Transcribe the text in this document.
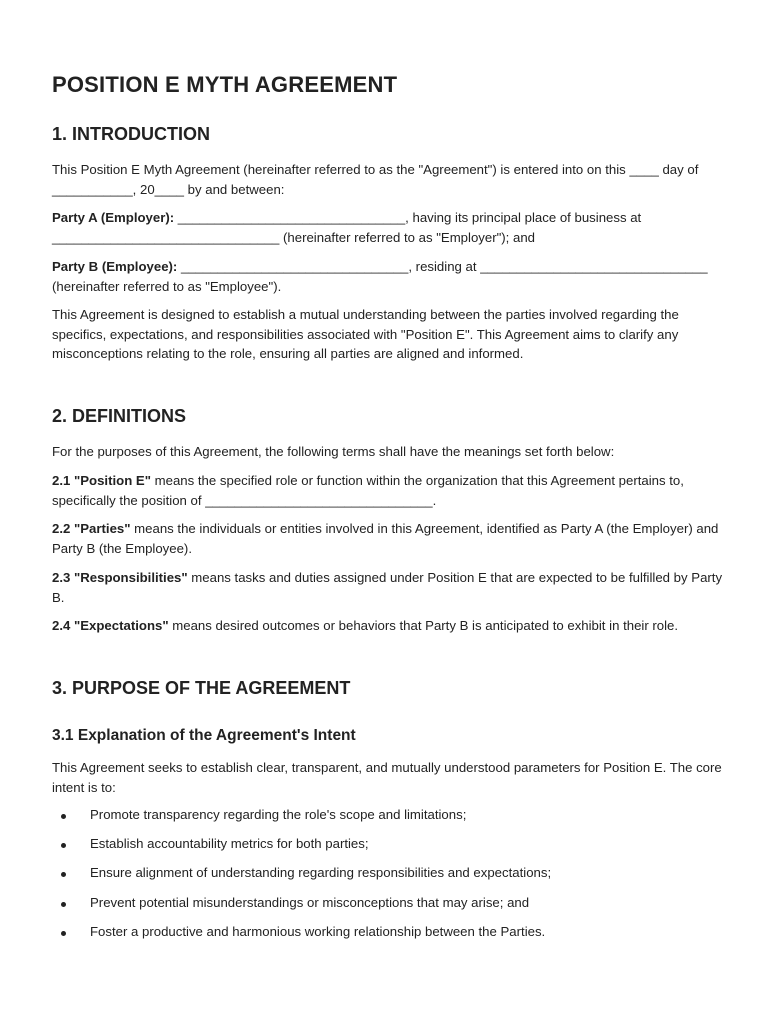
POSITION E MYTH AGREEMENT
1. INTRODUCTION

This Position E Myth Agreement (hereinafter referred to as the "Agreement") is entered into on this ____ day of ___________, 20____ by and between:

Party A (Employer): _______________________________, having its principal place of business at _______________________________ (hereinafter referred to as "Employer"); and

Party B (Employee): _______________________________, residing at _______________________________ (hereinafter referred to as "Employee").

This Agreement is designed to establish a mutual understanding between the parties involved regarding the specifics, expectations, and responsibilities associated with "Position E". This Agreement aims to clarify any misconceptions relating to the role, ensuring all parties are aligned and informed.

2. DEFINITIONS

For the purposes of this Agreement, the following terms shall have the meanings set forth below:

2.1 "Position E" means the specified role or function within the organization that this Agreement pertains to, specifically the position of _______________________________.

2.2 "Parties" means the individuals or entities involved in this Agreement, identified as Party A (the Employer) and Party B (the Employee).

2.3 "Responsibilities" means tasks and duties assigned under Position E that are expected to be fulfilled by Party B.

2.4 "Expectations" means desired outcomes or behaviors that Party B is anticipated to exhibit in their role.

3. PURPOSE OF THE AGREEMENT
3.1 Explanation of the Agreement's Intent

This Agreement seeks to establish clear, transparent, and mutually understood parameters for Position E. The core intent is to:

Promote transparency regarding the role's scope and limitations;
Establish accountability metrics for both parties;
Ensure alignment of understanding regarding responsibilities and expectations;
Prevent potential misunderstandings or misconceptions that may arise; and
Foster a productive and harmonious working relationship between the Parties.
